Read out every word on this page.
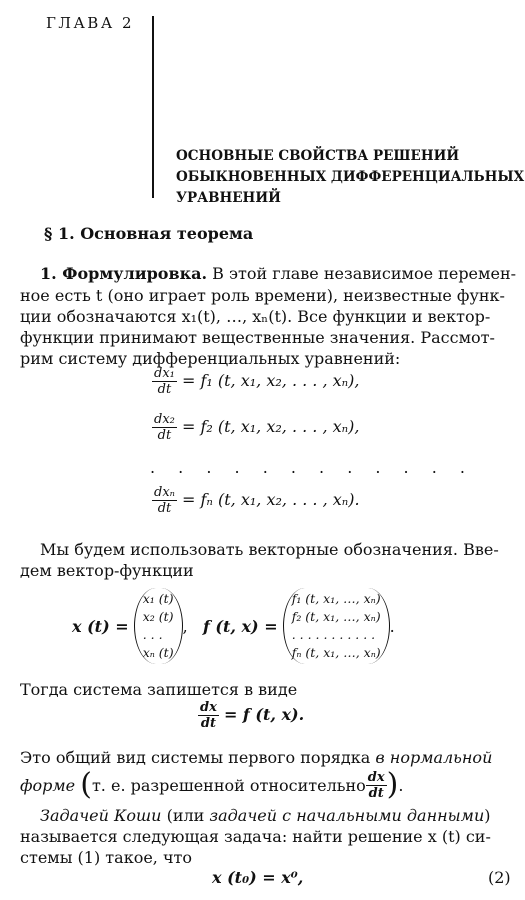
ГЛАВА 2
ОСНОВНЫЕ СВОЙСТВА РЕШЕНИЙ
ОБЫКНОВЕННЫХ ДИФФЕРЕНЦИАЛЬНЫХ
УРАВНЕНИЙ
§ 1. Основная теорема
1. Формулировка. В этой главе независимое перемен-
ное есть t (оно играет роль времени), неизвестные функ-
ции обозначаются x₁(t), …, xₙ(t). Все функции и вектор-
функции принимают вещественные значения. Рассмот-
рим систему дифференциальных уравнений:
$\frac{\text{dx₁}}{dt} = f_1$ (t, x₁, x₂, . . . , xₙ),
$\frac{\text{dx₂}}{dt} = f_2$ (t, x₁, x₂, . . . , xₙ),
. . . . . . . . . . . .
$\frac{\text{dxₙ}}{dt} = f_n$ (t, x₁, x₂, . . . , xₙ).
Мы будем использовать векторные обозначения. Вве-
дем вектор-функции
x (t) =

x₁ (t)
x₂ (t)
. . .
xₙ (t)
,
f (t, x) =

f₁ (t, x₁, …, xₙ)
f₂ (t, x₁, …, xₙ)
. . . . . . . . . . .
fₙ (t, x₁, …, xₙ)
.
Тогда система запишется в виде
$\frac{dx}{dt} = f$ (t, x).
Это общий вид системы первого порядка в нормальной
форме
( т. е. разрешенной относительно $\frac{dx}{dt}$ ) .
Задачей Коши (или задачей с начальными данными)
называется следующая задача: найти решение x (t) си-
стемы (1) такое, что
x (t₀) = x⁰,	(2)
